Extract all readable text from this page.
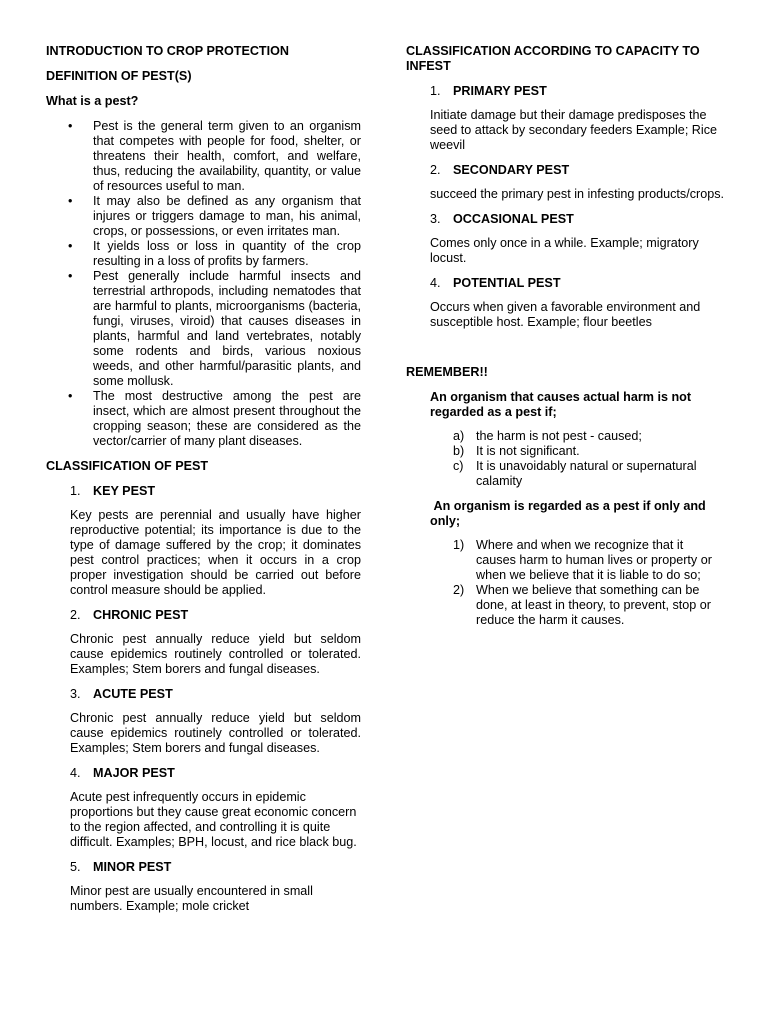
INTRODUCTION TO CROP PROTECTION
DEFINITION OF PEST(S)
What is a pest?
• Pest is the general term given to an organism that competes with people for food, shelter, or threatens their health, comfort, and welfare, thus, reducing the availability, quantity, or value of resources useful to man.
• It may also be defined as any organism that injures or triggers damage to man, his animal, crops, or possessions, or even irritates man.
• It yields loss or loss in quantity of the crop resulting in a loss of profits by farmers.
• Pest generally include harmful insects and terrestrial arthropods, including nematodes that are harmful to plants, microorganisms (bacteria, fungi, viruses, viroid) that causes diseases in plants, harmful and land vertebrates, notably some rodents and birds, various noxious weeds, and other harmful/parasitic plants, and some mollusk.
• The most destructive among the pest are insect, which are almost present throughout the cropping season; these are considered as the vector/carrier of many plant diseases.
CLASSIFICATION OF PEST
1. KEY PEST
Key pests are perennial and usually have higher reproductive potential; its importance is due to the type of damage suffered by the crop; it dominates pest control practices; when it occurs in a crop proper investigation should be carried out before control measure should be applied.
2. CHRONIC PEST
Chronic pest annually reduce yield but seldom cause epidemics routinely controlled or tolerated. Examples; Stem borers and fungal diseases.
3. ACUTE PEST
Chronic pest annually reduce yield but seldom cause epidemics routinely controlled or tolerated. Examples; Stem borers and fungal diseases.
4. MAJOR PEST
Acute pest infrequently occurs in epidemic proportions but they cause great economic concern to the region affected, and controlling it is quite difficult. Examples; BPH, locust, and rice black bug.
5. MINOR PEST
Minor pest are usually encountered in small numbers. Example; mole cricket
CLASSIFICATION ACCORDING TO CAPACITY TO INFEST
1. PRIMARY PEST
Initiate damage but their damage predisposes the seed to attack by secondary feeders Example; Rice weevil
2. SECONDARY PEST
succeed the primary pest in infesting products/crops.
3. OCCASIONAL PEST
Comes only once in a while. Example; migratory locust.
4. POTENTIAL PEST
Occurs when given a favorable environment and susceptible host. Example; flour beetles
REMEMBER!!
An organism that causes actual harm is not regarded as a pest if;
a) the harm is not pest - caused;
b) It is not significant.
c) It is unavoidably natural or supernatural calamity
An organism is regarded as a pest if only and only;
1) Where and when we recognize that it causes harm to human lives or property or when we believe that it is liable to do so;
2) When we believe that something can be done, at least in theory, to prevent, stop or reduce the harm it causes.
